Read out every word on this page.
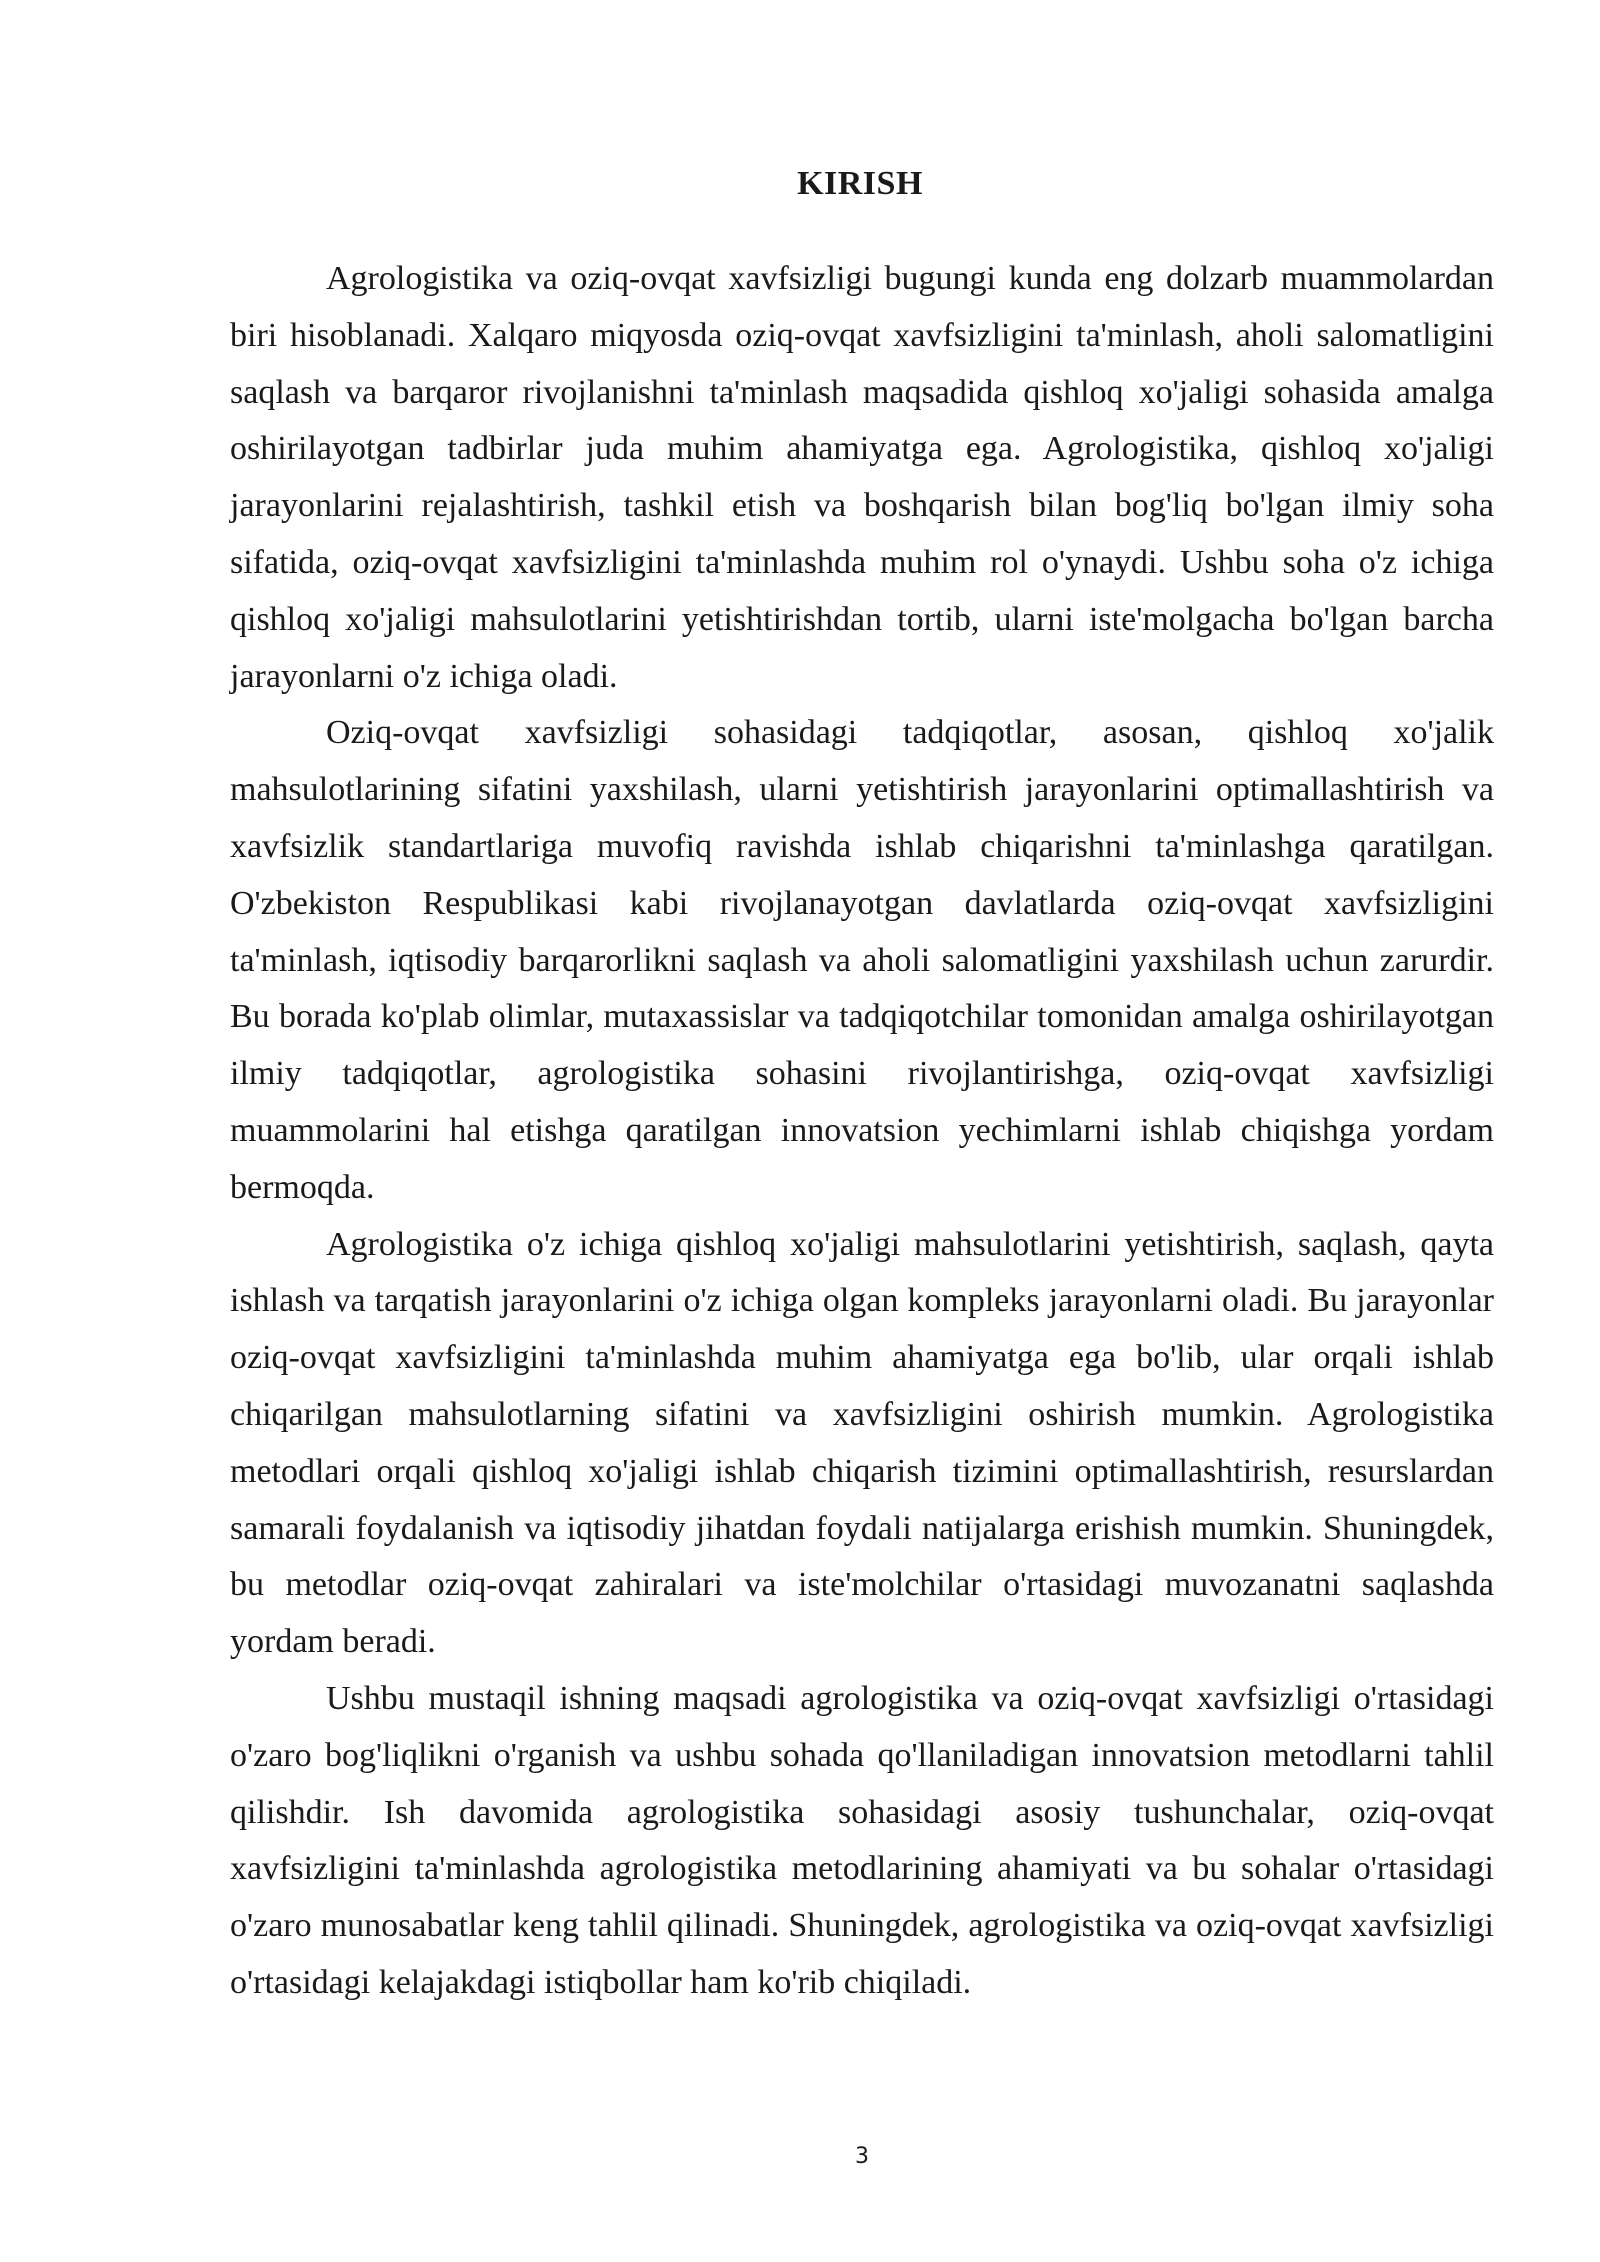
KIRISH

Agrologistika va oziq-ovqat xavfsizligi bugungi kunda eng dolzarb muammolardan biri hisoblanadi. Xalqaro miqyosda oziq-ovqat xavfsizligini ta'minlash, aholi salomatligini saqlash va barqaror rivojlanishni ta'minlash maqsadida qishloq xo'jaligi sohasida amalga oshirilayotgan tadbirlar juda muhim ahamiyatga ega. Agrologistika, qishloq xo'jaligi jarayonlarini rejalashtirish, tashkil etish va boshqarish bilan bog'liq bo'lgan ilmiy soha sifatida, oziq-ovqat xavfsizligini ta'minlashda muhim rol o'ynaydi. Ushbu soha o'z ichiga qishloq xo'jaligi mahsulotlarini yetishtirishdan tortib, ularni iste'molgacha bo'lgan barcha jarayonlarni o'z ichiga oladi.

Oziq-ovqat xavfsizligi sohasidagi tadqiqotlar, asosan, qishloq xo'jalik mahsulotlarining sifatini yaxshilash, ularni yetishtirish jarayonlarini optimallashtirish va xavfsizlik standartlariga muvofiq ravishda ishlab chiqarishni ta'minlashga qaratilgan. O'zbekiston Respublikasi kabi rivojlanayotgan davlatlarda oziq-ovqat xavfsizligini ta'minlash, iqtisodiy barqarorlikni saqlash va aholi salomatligini yaxshilash uchun zarurdir. Bu borada ko'plab olimlar, mutaxassislar va tadqiqotchilar tomonidan amalga oshirilayotgan ilmiy tadqiqotlar, agrologistika sohasini rivojlantirishga, oziq-ovqat xavfsizligi muammolarini hal etishga qaratilgan innovatsion yechimlarni ishlab chiqishga yordam bermoqda.

Agrologistika o'z ichiga qishloq xo'jaligi mahsulotlarini yetishtirish, saqlash, qayta ishlash va tarqatish jarayonlarini o'z ichiga olgan kompleks jarayonlarni oladi. Bu jarayonlar oziq-ovqat xavfsizligini ta'minlashda muhim ahamiyatga ega bo'lib, ular orqali ishlab chiqarilgan mahsulotlarning sifatini va xavfsizligini oshirish mumkin. Agrologistika metodlari orqali qishloq xo'jaligi ishlab chiqarish tizimini optimallashtirish, resurslardan samarali foydalanish va iqtisodiy jihatdan foydali natijalarga erishish mumkin. Shuningdek, bu metodlar oziq-ovqat zahiralari va iste'molchilar o'rtasidagi muvozanatni saqlashda yordam beradi.

Ushbu mustaqil ishning maqsadi agrologistika va oziq-ovqat xavfsizligi o'rtasidagi o'zaro bog'liqlikni o'rganish va ushbu sohada qo'llaniladigan innovatsion metodlarni tahlil qilishdir. Ish davomida agrologistika sohasidagi asosiy tushunchalar, oziq-ovqat xavfsizligini ta'minlashda agrologistika metodlarining ahamiyati va bu sohalar o'rtasidagi o'zaro munosabatlar keng tahlil qilinadi. Shuningdek, agrologistika va oziq-ovqat xavfsizligi o'rtasidagi kelajakdagi istiqbollar ham ko'rib chiqiladi.

3
